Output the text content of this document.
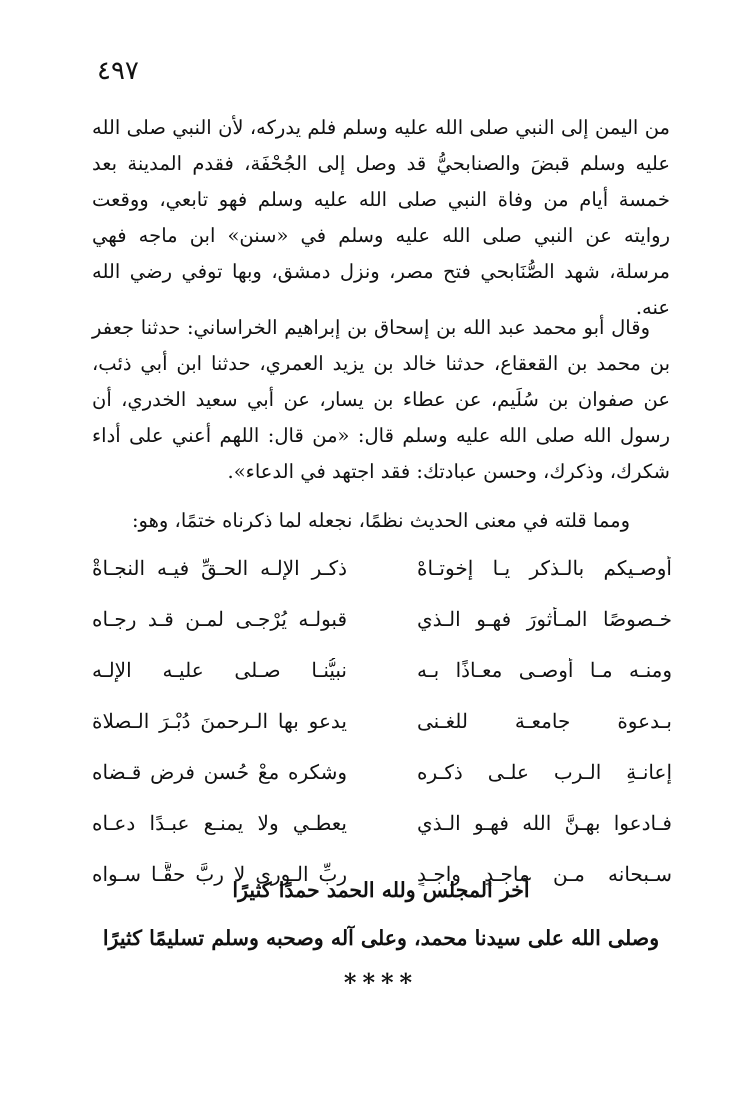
٤٩٧

من اليمن إلى النبي صلى الله عليه وسلم فلم يدركه، لأن النبي صلى الله عليه وسلم قبضَ والصنابحيُّ قد وصل إلى الجُحْفَة، فقدم المدينة بعد خمسة أيام من وفاة النبي صلى الله عليه وسلم فهو تابعي، ووقعت روايته عن النبي صلى الله عليه وسلم في «سنن» ابن ماجه فهي مرسلة، شهد الصُّنَابحي فتح مصر، ونزل دمشق، وبها توفي رضي الله عنه.

وقال أبو محمد عبد الله بن إسحاق بن إبراهيم الخراساني: حدثنا جعفر بن محمد بن القعقاع، حدثنا خالد بن يزيد العمري، حدثنا ابن أبي ذئب، عن صفوان بن سُلَيم، عن عطاء بن يسار، عن أبي سعيد الخدري، أن رسول الله صلى الله عليه وسلم قال: «من قال: اللهم أعني على أداء شكرك، وذكرك، وحسن عبادتك: فقد اجتهد في الدعاء».

ومما قلته في معنى الحديث نظمًا، نجعله لما ذكرناه ختمًا، وهو:

أوصـيكم بالـذكر يـا إخوتـاهْ
ذكـرِ الإلـه الحـقِّ فيـه النجـاةْ
خـصوصًا المـأثورَ فهـو الـذي
قبولـه يُرْجـى لمـن قـد رجـاه
ومنـه مـا أوصـى معـاذًا بـه
نبيُّنـا صـلى عليـه الإلـه
بـدعوة جامعـة للغـنى
يدعو بها الـرحمنَ دُبْـرَ الـصلاة
إعانـةِ الـرب علـى ذكـره
وشكره معْ حُسنِ فرضٍ قـضاه
فـادعوا بهـنَّ الله فهـو الـذي
يعطـي ولا يمنـع عبـدًا دعـاه
سـبحانه مـن ماجـدٍ واجـدٍ
ربِّ الـورى لا ربَّ حقًّـا سـواه

آخر المجلس ولله الحمد حمدًا كثيرًا

وصلى الله على سيدنا محمد، وعلى آله وصحبه وسلم تسليمًا كثيرًا

****
